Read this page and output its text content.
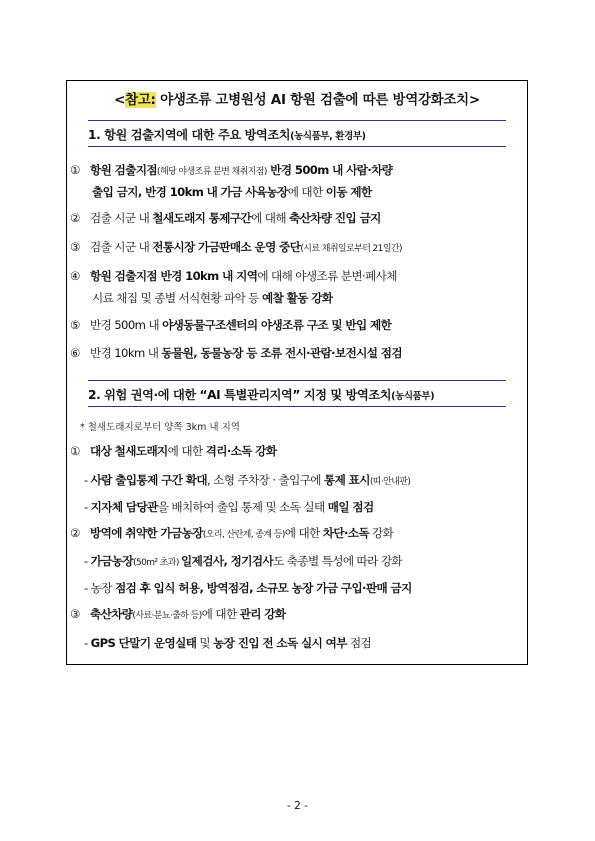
<참고: 야생조류 고병원성 AI 항원 검출에 따른 방역강화조치>
1. 항원 검출지역에 대한 주요 방역조치(농식품부, 환경부)
① 항원 검출지점(해당 야생조류 분변 채취지점) 반경 500m 내 사람·차량
출입 금지, 반경 10km 내 가금 사육농장에 대한 이동 제한
② 검출 시군 내 철새도래지 통제구간에 대해 축산차량 진입 금지
③ 검출 시군 내 전통시장 가금판매소 운영 중단(시료 채취일로부터 21일간)
④ 항원 검출지점 반경 10km 내 지역에 대해 야생조류 분변·폐사체
시료 채집 및 종별 서식현황 파악 등 예찰 활동 강화
⑤ 반경 500m 내 야생동물구조센터의 야생조류 구조 및 반입 제한
⑥ 반경 10km 내 동물원, 동물농장 등 조류 전시·관람·보전시설 점검
2. 위험 권역·에 대한 “AI 특별관리지역” 지정 및 방역조치(농식품부)
* 철새도래지로부터 양쪽 3km 내 지역
① 대상 철새도래지에 대한 격리·소독 강화
- 사람 출입통제 구간 확대, 소형 주차장 · 출입구에 통제 표시(띠·안내판)
- 지자체 담당관을 배치하여 출입 통제 및 소독 실태 매일 점검
② 방역에 취약한 가금농장(오리, 산란계, 종계 등)에 대한 차단·소독 강화
- 가금농장(50m² 초과) 일제검사, 정기검사도 축종별 특성에 따라 강화
- 농장 점검 후 입식 허용, 방역점검, 소규모 농장 가금 구입·판매 금지
③ 축산차량(사료·분뇨·출하 등)에 대한 관리 강화
- GPS 단말기 운영실태 및 농장 진입 전 소독 실시 여부 점검
- 2 -
